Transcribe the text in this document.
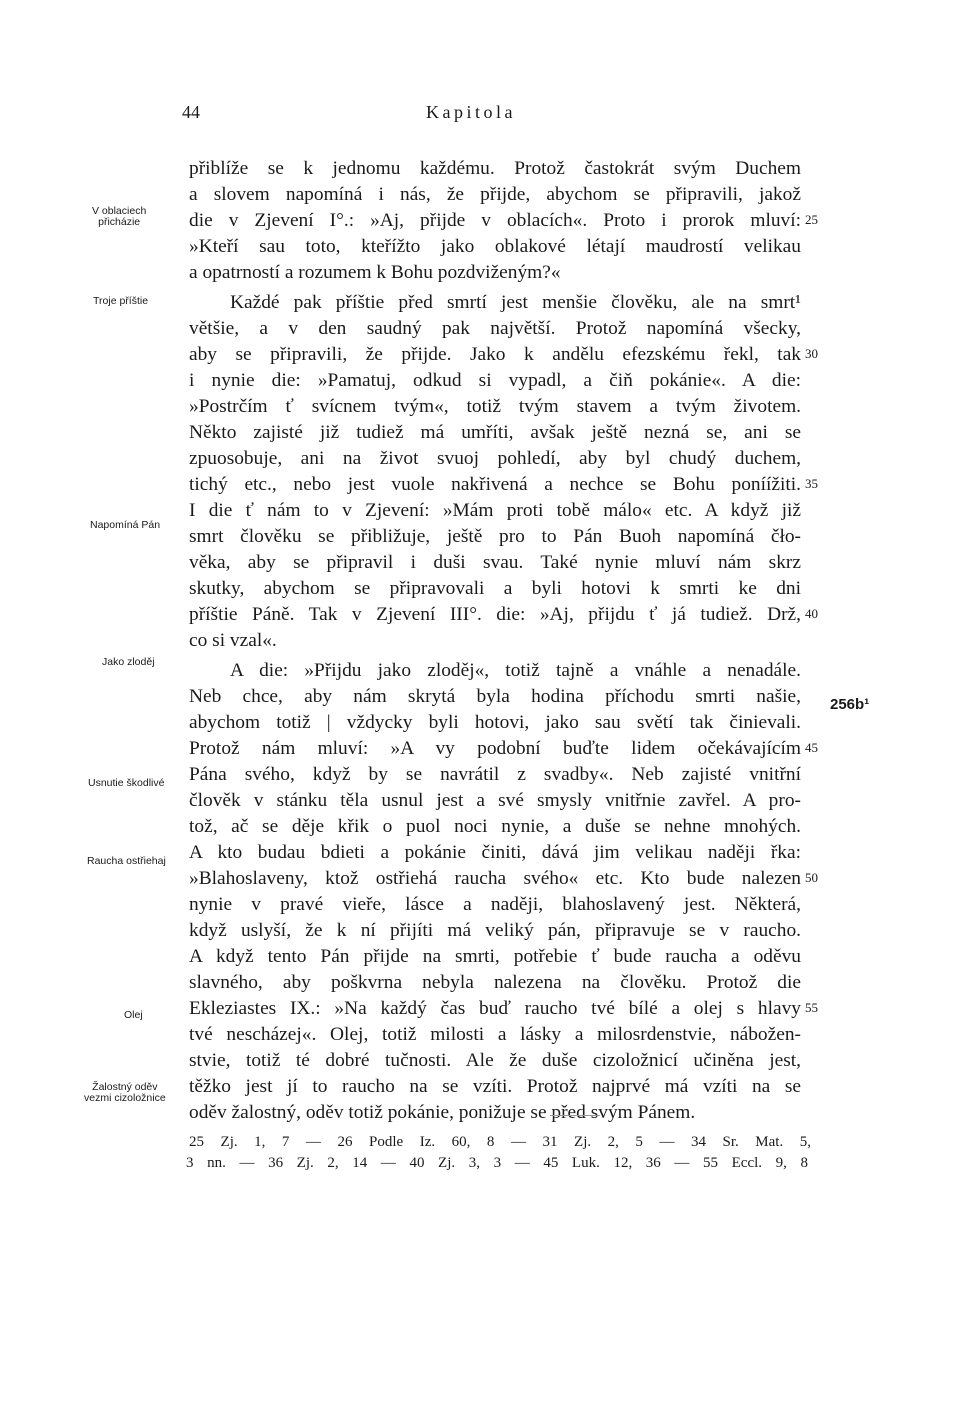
44	Kapitola
přiblíže se k jednomu každému. Protož častokrát svým Duchem
a slovem napomíná i nás, že přijde, abychom se připravili, jakož
die v Zjevení I°.: »Aj, přijde v oblacích«. Proto i prorok mluví:
»Kteří sau toto, kteřížto jako oblakové létají maudrostí velikau
a opatrností a rozumem k Bohu pozdviženým?«
Každé pak příštie před smrtí jest menšie člověku, ale na smrt¹
většie, a v den saudný pak najvětší. Protož napomíná všecky,
aby se připravili, že přijde. Jako k andělu efezskému řekl, tak
i nynie die: »Pamatuj, odkud si vypadl, a čiň pokánie«. A die:
»Postrčím ť svícnem tvým«, totiž tvým stavem a tvým životem.
Někto zajisté již tudiež má umříti, avšak ještě nezná se, ani se
zpuosobuje, ani na život svuoj pohledí, aby byl chudý duchem,
tichý etc., nebo jest vuole nakřivená a nechce se Bohu poníížiti.
I die ť nám to v Zjevení: »Mám proti tobě málo« etc. A když již
smrt člověku se přibližuje, ještě pro to Pán Buoh napomíná čło-
věka, aby se připravil i duši svau. Také nynie mluví nám skrz
skutky, abychom se připravovali a byli hotovi k smrti ke dni
příštie Páně. Tak v Zjevení III°. die: »Aj, přijdu ť já tudiež. Drž,
co si vzal«.
A die: »Přijdu jako zloděj«, totiž tajně a vnáhle a nenadále.
Neb chce, aby nám skrytá byla hodina příchodu smrti našie,
abychom totiž | vždycky byli hotovi, jako sau světí tak činievali.
Protož nám mluví: »A vy podobní buďte lidem očekávajícím
Pána svého, když by se navrátil z svadby«. Neb zajisté vnitřní
člověk v stánku těla usnul jest a své smysly vnitřnie zavřel. A pro-
tož, ač se děje křik o puol noci nynie, a duše se nehne mnohých.
A kto budau bdieti a pokánie činiti, dává jim velikau naději řka:
»Blahoslaveny, ktož ostřiehá raucha svého« etc. Kto bude nalezen
nynie v pravé vieře, lásce a naději, blahoslavený jest. Některá,
když uslyší, že k ní přijíti má veliký pán, připravuje se v raucho.
A když tento Pán přijde na smrti, potřebie ť bude raucha a oděvu
slavného, aby poškvrna nebyla nalezena na člověku. Protož die
Ekleziastes IX.: »Na každý čas buď raucho tvé bílé a olej s hlavy
tvé nescházej«. Olej, totiž milosti a lásky a milosrdenstvie, nábožen-
stvie, totiž té dobré tučnosti. Ale že duše cizoložnicí učiněna jest,
těžko jest jí to raucho na se vzíti. Protož najprvé má vzíti na se
oděv žalostný, oděv totiž pokánie, ponižuje se před svým Pánem.
25
30
35
40
45
50
55
256b¹
V oblaciech
přicházie
Troje příštie
Napomíná Pán
Jako zloděj
Usnutie škodlivé
Raucha ostřiehaj
Olej
Žalostný oděv
vezmi cizoložnice
25 Zj. 1, 7 — 26 Podle Iz. 60, 8 — 31 Zj. 2, 5 — 34 Sr. Mat. 5,
3 nn. — 36 Zj. 2, 14 — 40 Zj. 3, 3 — 45 Luk. 12, 36 — 55 Eccl. 9, 8
